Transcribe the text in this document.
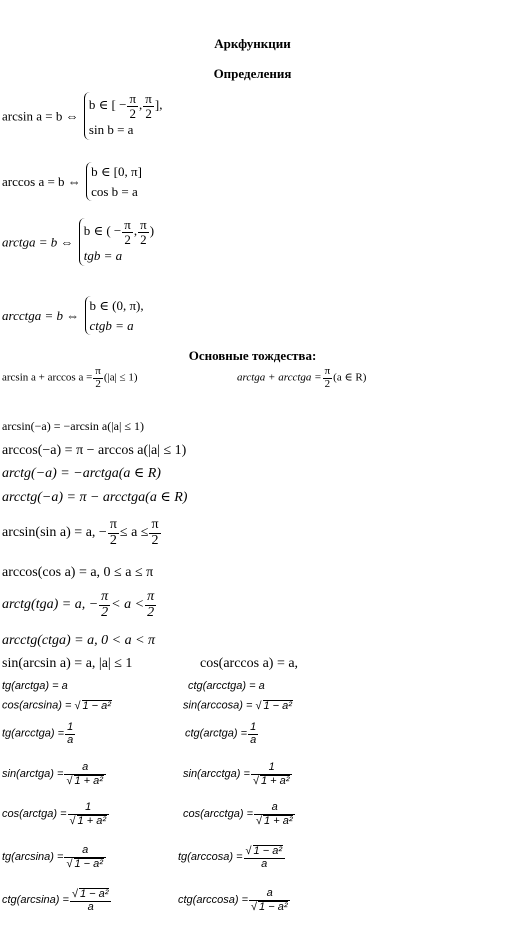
Аркфункции
Определения
arcsin a = b ⇔
b ∈ [ − $\frac{\pi}{2}$ , $\frac{\pi}{2}$ ],
sin b = a
arccos a = b ⇔
b ∈ [0, π]
cos b = a
arctga = b ⇔
b ∈ ( − $\frac{\pi}{2}$ , $\frac{\pi}{2}$ )
tgb = a
arcctga = b ⇔
b ∈ (0, π),
ctgb = a
Основные тождества:
$\arcsin a + \arccos a = \frac{\pi}{2} (|a| \le 1)$	arctga + arcctga = $\frac{\pi}{2} (a$ ∈ R)
arcsin(−a) = −arcsin a(|a| ≤ 1)
arccos(−a) = π − arccos a(|a| ≤ 1)
arctg(−a) = −arctga(a ∈ R)
arcctg(−a) = π − arcctga(a ∈ R)
arcsin(sin a) = a, − $\frac{\pi}{2} \le a \le \frac{\pi}{2}$
arccos(cos a) = a, 0 ≤ a ≤ π
arctg(tga) = a, − $\frac{\pi}{2} < a < \frac{\pi}{2}$
arcctg(ctga) = a, 0 < a < π
sin(arcsin a) = a, |a| ≤ 1	cos(arccos a) = a,
tg(arctga) = a	ctg(arcctga) = a
cos(arcsina) = √ 1 − a²	sin(arccosa) = √ 1 − a²
tg(arcctga) = $\frac{1}{a}$	ctg(arctga) = $\frac{1}{a}$
sin(arctga) = $\frac{a}{\text{√ 1 + a²}}$	sin(arcctga) = $\frac{1}{\text{√ 1 + a²}}$
cos(arctga) = $\frac{1}{\text{√ 1 + a²}}$	cos(arcctga) = $\frac{a}{\text{√ 1 + a²}}$
$tg(\arcsin a) = \frac{a}{\text{√ 1 − a²}}$	$tg(\arccos a) = \frac{\text{√ 1 − a²}}{a}$
$ctg(\arcsin a) = \frac{\text{√ 1 − a²}}{a}$	$ctg(\arccos a) = \frac{a}{\text{√ 1 − a²}}$
